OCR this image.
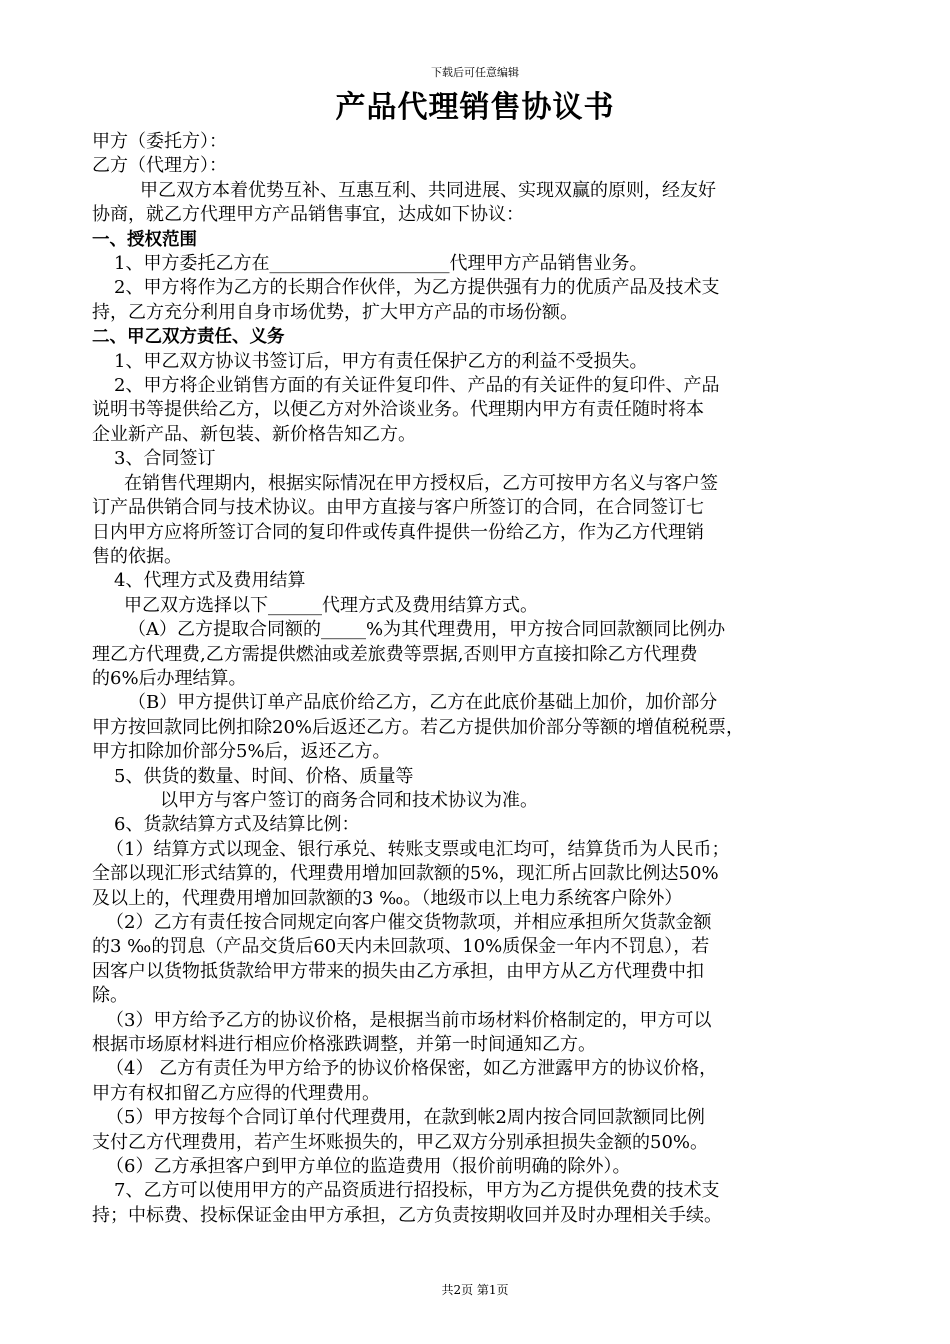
下载后可任意编辑
产品代理销售协议书

甲方（委托方）：

乙方（代理方）：

甲乙双方本着优势互补、互惠互利、共同进展、实现双赢的原则，经友好

协商，就乙方代理甲方产品销售事宜，达成如下协议：

一、授权范围

1、甲方委托乙方在____________________代理甲方产品销售业务。

2、甲方将作为乙方的长期合作伙伴，为乙方提供强有力的优质产品及技术支

持，乙方充分利用自身市场优势，扩大甲方产品的市场份额。

二、甲乙双方责任、义务

1、甲乙双方协议书签订后，甲方有责任保护乙方的利益不受损失。

2、甲方将企业销售方面的有关证件复印件、产品的有关证件的复印件、产品

说明书等提供给乙方，以便乙方对外洽谈业务。代理期内甲方有责任随时将本

企业新产品、新包装、新价格告知乙方。

3、合同签订

在销售代理期内，根据实际情况在甲方授权后，乙方可按甲方名义与客户签

订产品供销合同与技术协议。由甲方直接与客户所签订的合同，在合同签订七

日内甲方应将所签订合同的复印件或传真件提供一份给乙方，作为乙方代理销

售的依据。

4、代理方式及费用结算

甲乙双方选择以下______代理方式及费用结算方式。

（A）乙方提取合同额的_____%为其代理费用，甲方按合同回款额同比例办

理乙方代理费,乙方需提供燃油或差旅费等票据,否则甲方直接扣除乙方代理费

的6%后办理结算。

（B）甲方提供订单产品底价给乙方，乙方在此底价基础上加价，加价部分

甲方按回款同比例扣除20%后返还乙方。若乙方提供加价部分等额的增值税税票，

甲方扣除加价部分5%后，返还乙方。

5、供货的数量、时间、价格、质量等

以甲方与客户签订的商务合同和技术协议为准。

6、货款结算方式及结算比例：

（1）结算方式以现金、银行承兑、转账支票或电汇均可，结算货币为人民币；

全部以现汇形式结算的，代理费用增加回款额的5%，现汇所占回款比例达50%

及以上的，代理费用增加回款额的3 ‰。（地级市以上电力系统客户除外）

（2）乙方有责任按合同规定向客户催交货物款项，并相应承担所欠货款金额

的3 ‰的罚息（产品交货后60天内未回款项、10%质保金一年内不罚息），若

因客户以货物抵货款给甲方带来的损失由乙方承担，由甲方从乙方代理费中扣

除。

（3）甲方给予乙方的协议价格，是根据当前市场材料价格制定的，甲方可以

根据市场原材料进行相应价格涨跌调整，并第一时间通知乙方。

（4） 乙方有责任为甲方给予的协议价格保密，如乙方泄露甲方的协议价格，

甲方有权扣留乙方应得的代理费用。

（5）甲方按每个合同订单付代理费用，在款到帐2周内按合同回款额同比例

支付乙方代理费用，若产生坏账损失的，甲乙双方分别承担损失金额的50%。

（6）乙方承担客户到甲方单位的监造费用（报价前明确的除外）。

7、乙方可以使用甲方的产品资质进行招投标，甲方为乙方提供免费的技术支

持；中标费、投标保证金由甲方承担，乙方负责按期收回并及时办理相关手续。

共2页 第1页
